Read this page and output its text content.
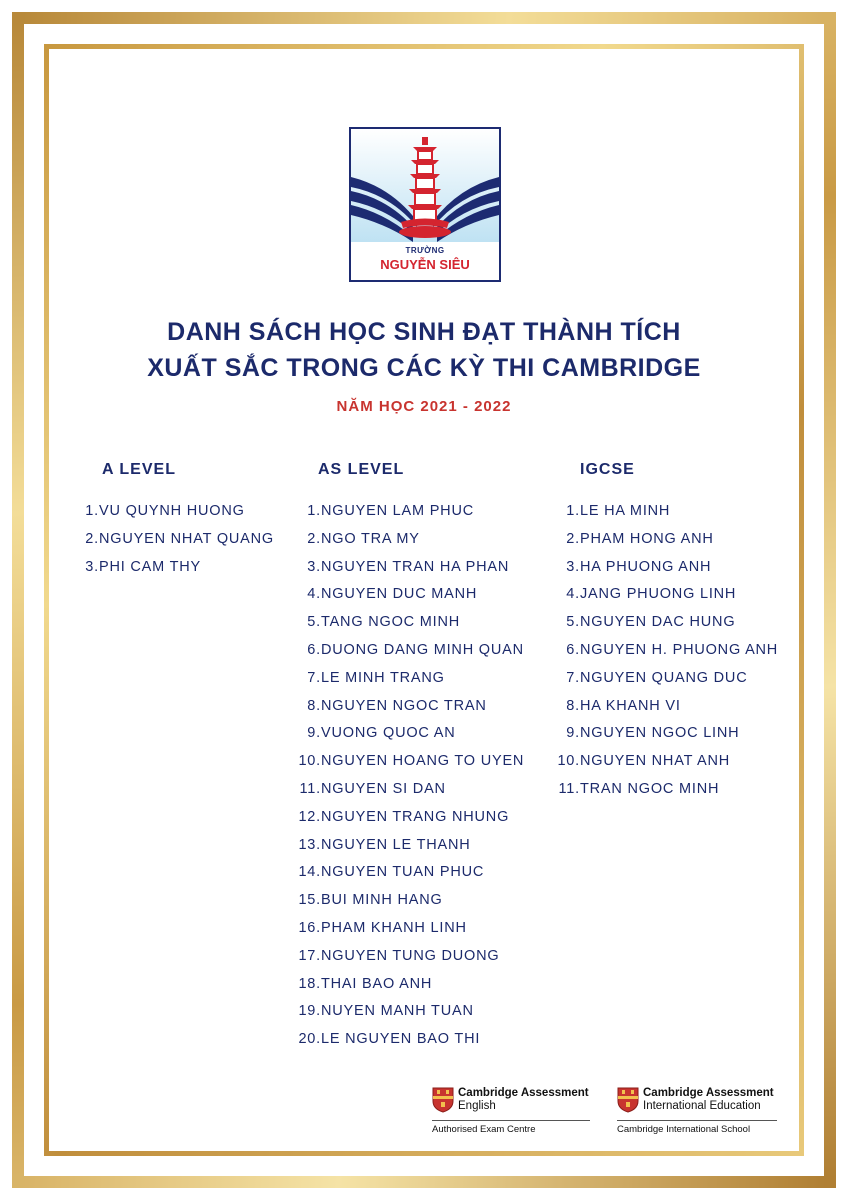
TRƯỜNG
NGUYỄN SIÊU
DANH SÁCH HỌC SINH ĐẠT THÀNH TÍCH
XUẤT SẮC TRONG CÁC KỲ THI CAMBRIDGE
NĂM HỌC 2021 - 2022
A LEVEL	AS LEVEL	IGCSE
1. VU QUYNH HUONG
2. NGUYEN NHAT QUANG
3. PHI CAM THY
1. NGUYEN LAM PHUC
2. NGO TRA MY
3. NGUYEN TRAN HA PHAN
4. NGUYEN DUC MANH
5. TANG NGOC MINH
6. DUONG DANG MINH QUAN
7. LE MINH TRANG
8. NGUYEN NGOC TRAN
9. VUONG QUOC AN
10. NGUYEN HOANG TO UYEN
11. NGUYEN SI DAN
12. NGUYEN TRANG NHUNG
13. NGUYEN LE THANH
14. NGUYEN TUAN PHUC
15. BUI MINH HANG
16. PHAM KHANH LINH
17. NGUYEN TUNG DUONG
18. THAI BAO ANH
19. NUYEN MANH TUAN
20. LE NGUYEN BAO THI
1. LE HA MINH
2. PHAM HONG ANH
3. HA PHUONG ANH
4. JANG PHUONG LINH
5. NGUYEN DAC HUNG
6. NGUYEN H. PHUONG ANH
7. NGUYEN QUANG DUC
8. HA KHANH VI
9. NGUYEN NGOC LINH
10. NGUYEN NHAT ANH
11. TRAN NGOC MINH
Cambridge Assessment
English
Authorised Exam Centre
Cambridge Assessment
International Education
Cambridge International School
